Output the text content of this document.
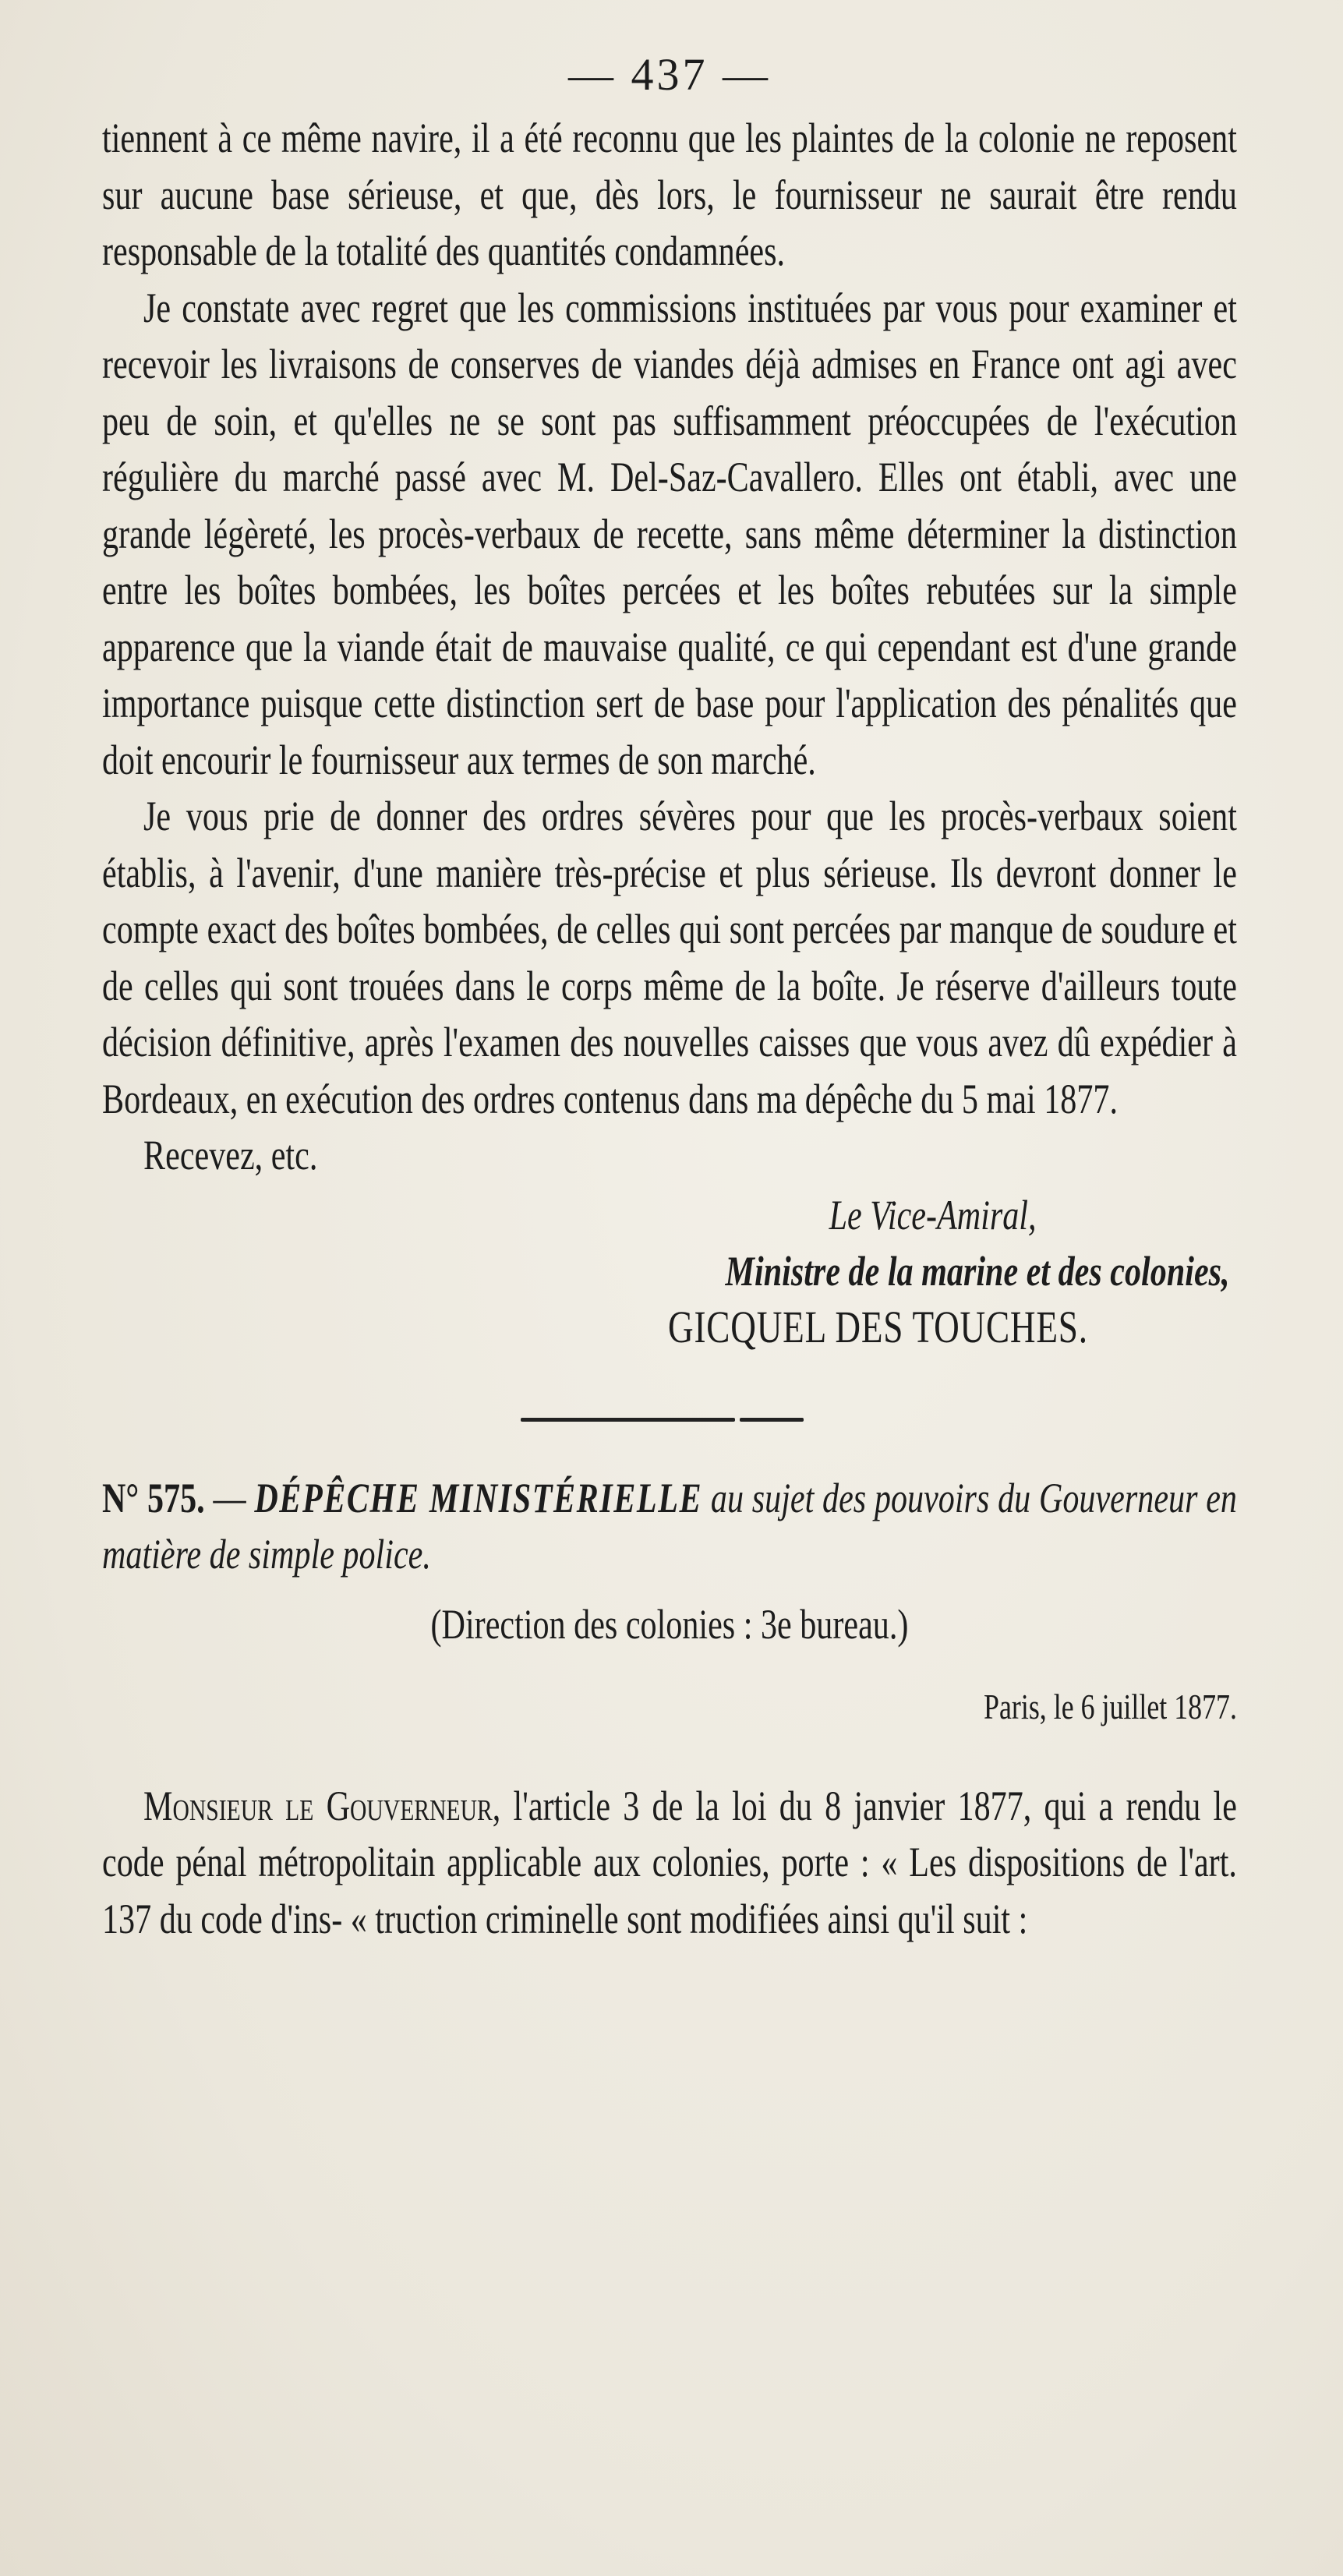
— 437 —

tiennent à ce même navire, il a été reconnu que les plaintes de la colonie ne reposent sur aucune base sérieuse, et que, dès lors, le fournisseur ne saurait être rendu responsable de la totalité des quantités condamnées.

Je constate avec regret que les commissions instituées par vous pour examiner et recevoir les livraisons de conserves de viandes déjà admises en France ont agi avec peu de soin, et qu'elles ne se sont pas suffisamment préoccupées de l'exécution régulière du marché passé avec M. Del-Saz-Cavallero. Elles ont établi, avec une grande légèreté, les procès-verbaux de recette, sans même déterminer la distinction entre les boîtes bombées, les boîtes percées et les boîtes rebutées sur la simple apparence que la viande était de mauvaise qualité, ce qui cependant est d'une grande importance puisque cette distinction sert de base pour l'application des pénalités que doit encourir le fournisseur aux termes de son marché.

Je vous prie de donner des ordres sévères pour que les procès-verbaux soient établis, à l'avenir, d'une manière très-précise et plus sérieuse. Ils devront donner le compte exact des boîtes bombées, de celles qui sont percées par manque de soudure et de celles qui sont trouées dans le corps même de la boîte. Je réserve d'ailleurs toute décision définitive, après l'examen des nouvelles caisses que vous avez dû expédier à Bordeaux, en exécution des ordres contenus dans ma dépêche du 5 mai 1877.

Recevez, etc.

Le Vice-Amiral,
Ministre de la marine et des colonies,
GICQUEL DES TOUCHES.

N° 575. — DÉPÊCHE MINISTÉRIELLE au sujet des pouvoirs du Gouverneur en matière de simple police.

(Direction des colonies : 3e bureau.)

Paris, le 6 juillet 1877.

Monsieur le Gouverneur, l'article 3 de la loi du 8 janvier 1877, qui a rendu le code pénal métropolitain applicable aux colonies, porte : « Les dispositions de l'art. 137 du code d'ins- « truction criminelle sont modifiées ainsi qu'il suit :
